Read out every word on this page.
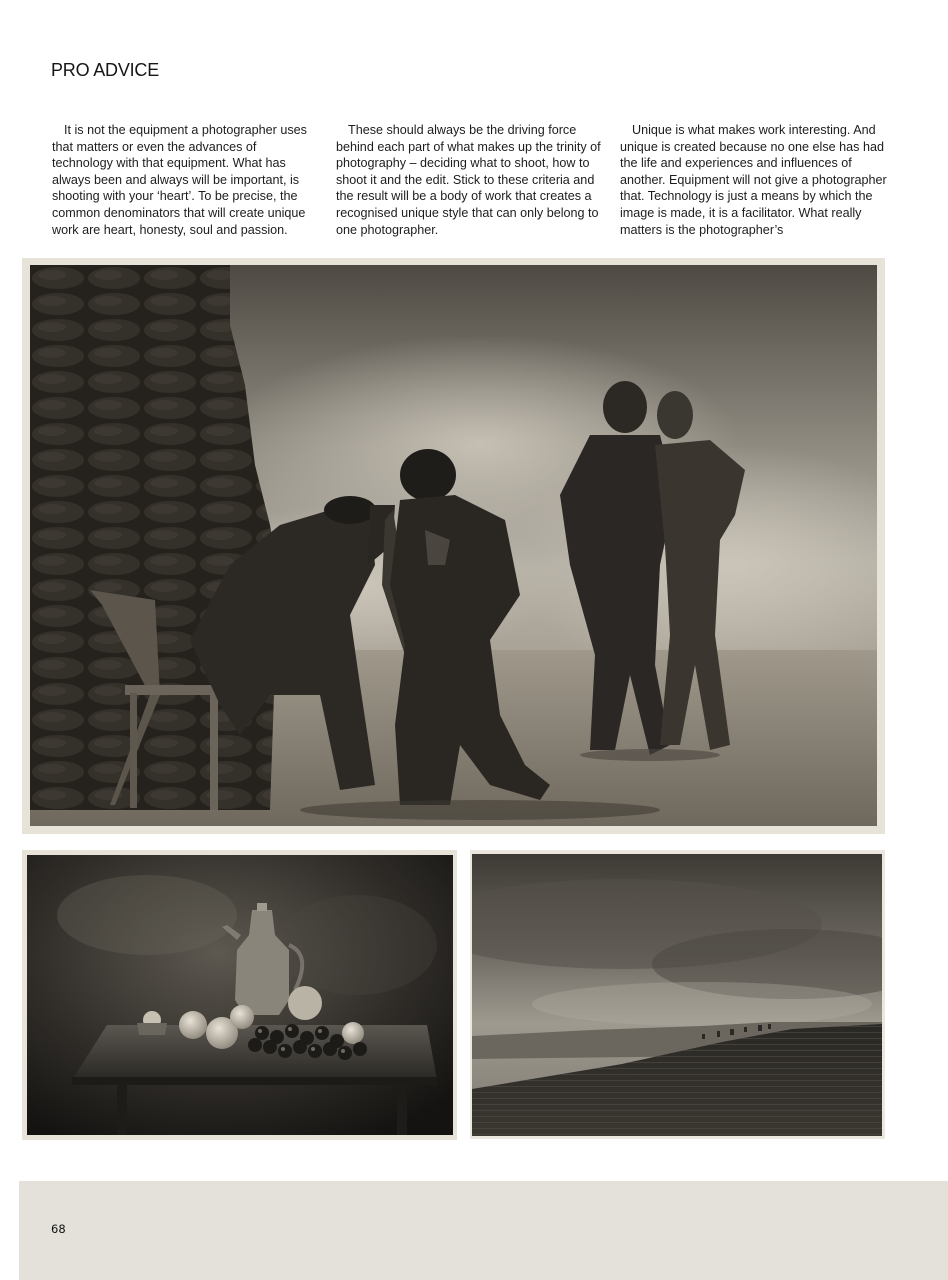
PRO ADVICE

It is not the equipment a photographer uses that matters or even the advances of technology with that equipment. What has always been and always will be important, is shooting with your ‘heart’. To be precise, the common denominators that will create unique work are heart, honesty, soul and passion.

These should always be the driving force behind each part of what makes up the trinity of photography – deciding what to shoot, how to shoot it and the edit. Stick to these criteria and the result will be a body of work that creates a recognised unique style that can only belong to one photographer.

Unique is what makes work interesting. And unique is created because no one else has had the life and experiences and influences of another. Equipment will not give a photographer that. Technology is just a means by which the image is made, it is a facilitator. What really matters is the photographer’s

68
